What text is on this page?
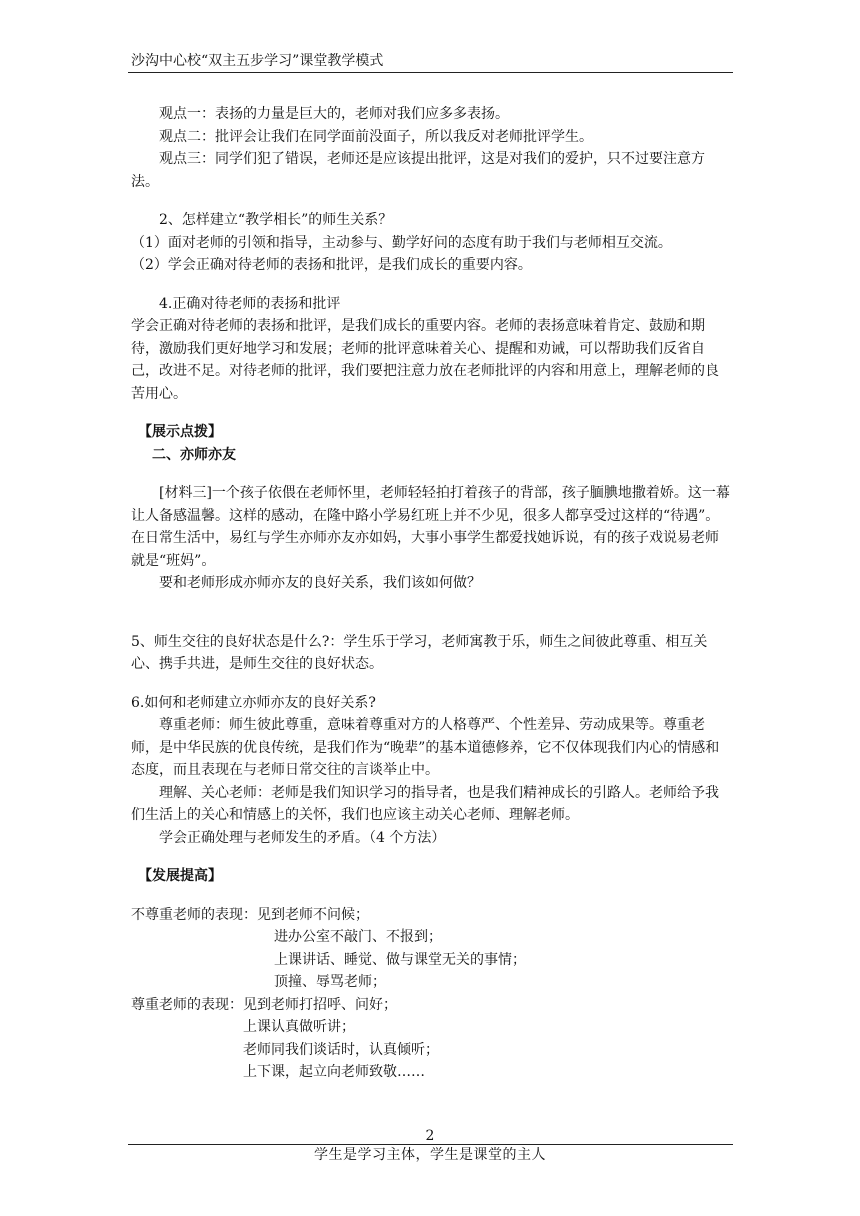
沙沟中心校“双主五步学习”课堂教学模式

观点一：表扬的力量是巨大的，老师对我们应多多表扬。

观点二：批评会让我们在同学面前没面子，所以我反对老师批评学生。

观点三：同学们犯了错误，老师还是应该提出批评，这是对我们的爱护，只不过要注意方法。

2、怎样建立“教学相长”的师生关系？

（1）面对老师的引领和指导，主动参与、勤学好问的态度有助于我们与老师相互交流。

（2）学会正确对待老师的表扬和批评，是我们成长的重要内容。

4.正确对待老师的表扬和批评

学会正确对待老师的表扬和批评，是我们成长的重要内容。老师的表扬意味着肯定、鼓励和期待，激励我们更好地学习和发展；老师的批评意味着关心、提醒和劝诫，可以帮助我们反省自己，改进不足。对待老师的批评，我们要把注意力放在老师批评的内容和用意上，理解老师的良苦用心。

【展示点拨】

二、亦师亦友

[材料三]一个孩子依偎在老师怀里，老师轻轻拍打着孩子的背部，孩子腼腆地撒着娇。这一幕让人备感温馨。这样的感动，在隆中路小学易红班上并不少见，很多人都享受过这样的“待遇”。在日常生活中，易红与学生亦师亦友亦如妈，大事小事学生都爱找她诉说，有的孩子戏说易老师就是“班妈”。

要和老师形成亦师亦友的良好关系，我们该如何做？

5、师生交往的良好状态是什么?：学生乐于学习，老师寓教于乐，师生之间彼此尊重、相互关心、携手共进，是师生交往的良好状态。

6.如何和老师建立亦师亦友的良好关系?

尊重老师：师生彼此尊重，意味着尊重对方的人格尊严、个性差异、劳动成果等。尊重老师，是中华民族的优良传统，是我们作为“晚辈”的基本道德修养，它不仅体现我们内心的情感和态度，而且表现在与老师日常交往的言谈举止中。

理解、关心老师：老师是我们知识学习的指导者，也是我们精神成长的引路人。老师给予我们生活上的关心和情感上的关怀，我们也应该主动关心老师、理解老师。

学会正确处理与老师发生的矛盾。（4 个方法）

【发展提高】

不尊重老师的表现：见到老师不问候；
进办公室不敲门、不报到；
上课讲话、睡觉、做与课堂无关的事情；
顶撞、辱骂老师；
尊重老师的表现：见到老师打招呼、问好；
上课认真做听讲；
老师同我们谈话时，认真倾听；
上下课，起立向老师致敬……
2
学生是学习主体，学生是课堂的主人
